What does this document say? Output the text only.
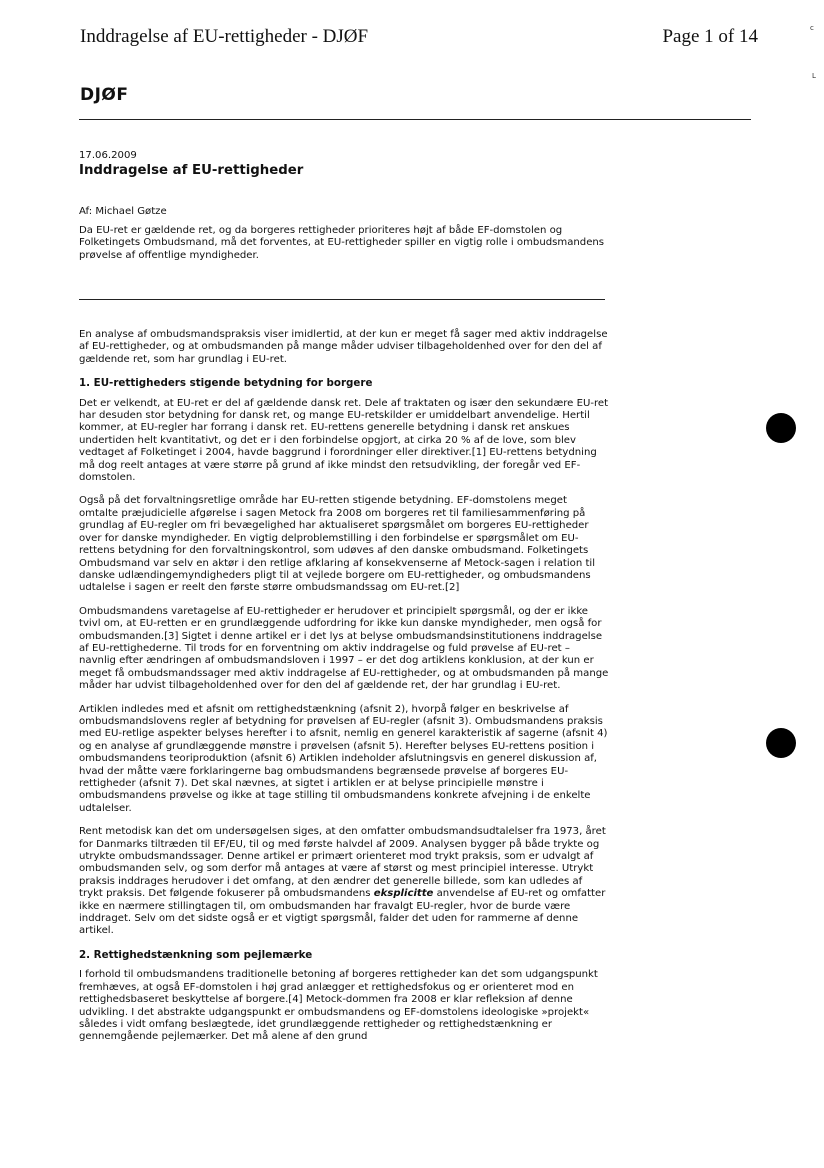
Inddragelse af EU-rettigheder - DJØF	Page 1 of 14
DJØF
17.06.2009
Inddragelse af EU-rettigheder
Af: Michael Gøtze
Da EU-ret er gældende ret, og da borgeres rettigheder prioriteres højt af både EF-domstolen og Folketingets Ombudsmand, må det forventes, at EU-rettigheder spiller en vigtig rolle i ombudsmandens prøvelse af offentlige myndigheder.

En analyse af ombudsmandspraksis viser imidlertid, at der kun er meget få sager med aktiv inddragelse af EU-rettigheder, og at ombudsmanden på mange måder udviser tilbageholdenhed over for den del af gældende ret, som har grundlag i EU-ret.

1. EU-rettigheders stigende betydning for borgere

Det er velkendt, at EU-ret er del af gældende dansk ret. Dele af traktaten og især den sekundære EU-ret har desuden stor betydning for dansk ret, og mange EU-retskilder er umiddelbart anvendelige. Hertil kommer, at EU-regler har forrang i dansk ret. EU-rettens generelle betydning i dansk ret anskues undertiden helt kvantitativt, og det er i den forbindelse opgjort, at cirka 20 % af de love, som blev vedtaget af Folketinget i 2004, havde baggrund i forordninger eller direktiver.[1] EU-rettens betydning må dog reelt antages at være større på grund af ikke mindst den retsudvikling, der foregår ved EF-domstolen.

Også på det forvaltningsretlige område har EU-retten stigende betydning. EF-domstolens meget omtalte præjudicielle afgørelse i sagen Metock fra 2008 om borgeres ret til familiesammenføring på grundlag af EU-regler om fri bevægelighed har aktualiseret spørgsmålet om borgeres EU-rettigheder over for danske myndigheder. En vigtig delproblemstilling i den forbindelse er spørgsmålet om EU-rettens betydning for den forvaltningskontrol, som udøves af den danske ombudsmand. Folketingets Ombudsmand var selv en aktør i den retlige afklaring af konsekvenserne af Metock-sagen i relation til danske udlændingemyndigheders pligt til at vejlede borgere om EU-rettigheder, og ombudsmandens udtalelse i sagen er reelt den første større ombudsmandssag om EU-ret.[2]

Ombudsmandens varetagelse af EU-rettigheder er herudover et principielt spørgsmål, og der er ikke tvivl om, at EU-retten er en grundlæggende udfordring for ikke kun danske myndigheder, men også for ombudsmanden.[3] Sigtet i denne artikel er i det lys at belyse ombudsmandsinstitutionens inddragelse af EU-rettighederne. Til trods for en forventning om aktiv inddragelse og fuld prøvelse af EU-ret – navnlig efter ændringen af ombudsmandsloven i 1997 – er det dog artiklens konklusion, at der kun er meget få ombudsmandssager med aktiv inddragelse af EU-rettigheder, og at ombudsmanden på mange måder har udvist tilbageholdenhed over for den del af gældende ret, der har grundlag i EU-ret.

Artiklen indledes med et afsnit om rettighedstænkning (afsnit 2), hvorpå følger en beskrivelse af ombudsmandslovens regler af betydning for prøvelsen af EU-regler (afsnit 3). Ombudsmandens praksis med EU-retlige aspekter belyses herefter i to afsnit, nemlig en generel karakteristik af sagerne (afsnit 4) og en analyse af grundlæggende mønstre i prøvelsen (afsnit 5). Herefter belyses EU-rettens position i ombudsmandens teoriproduktion (afsnit 6) Artiklen indeholder afslutningsvis en generel diskussion af, hvad der måtte være forklaringerne bag ombudsmandens begrænsede prøvelse af borgeres EU-rettigheder (afsnit 7). Det skal nævnes, at sigtet i artiklen er at belyse principielle mønstre i ombudsmandens prøvelse og ikke at tage stilling til ombudsmandens konkrete afvejning i de enkelte udtalelser.

Rent metodisk kan det om undersøgelsen siges, at den omfatter ombudsmandsudtalelser fra 1973, året for Danmarks tiltræden til EF/EU, til og med første halvdel af 2009. Analysen bygger på både trykte og utrykte ombudsmandssager. Denne artikel er primært orienteret mod trykt praksis, som er udvalgt af ombudsmanden selv, og som derfor må antages at være af størst og mest principiel interesse. Utrykt praksis inddrages herudover i det omfang, at den ændrer det generelle billede, som kan udledes af trykt praksis. Det følgende fokuserer på ombudsmandens eksplicitte anvendelse af EU-ret og omfatter ikke en nærmere stillingtagen til, om ombudsmanden har fravalgt EU-regler, hvor de burde være inddraget. Selv om det sidste også er et vigtigt spørgsmål, falder det uden for rammerne af denne artikel.

2. Rettighedstænkning som pejlemærke

I forhold til ombudsmandens traditionelle betoning af borgeres rettigheder kan det som udgangspunkt fremhæves, at også EF-domstolen i høj grad anlægger et rettighedsfokus og er orienteret mod en rettighedsbaseret beskyttelse af borgere.[4] Metock-dommen fra 2008 er klar refleksion af denne udvikling. I det abstrakte udgangspunkt er ombudsmandens og EF-domstolens ideologiske »projekt« således i vidt omfang beslægtede, idet grundlæggende rettigheder og rettighedstænkning er gennemgående pejlemærker. Det må alene af den grund

c
L
